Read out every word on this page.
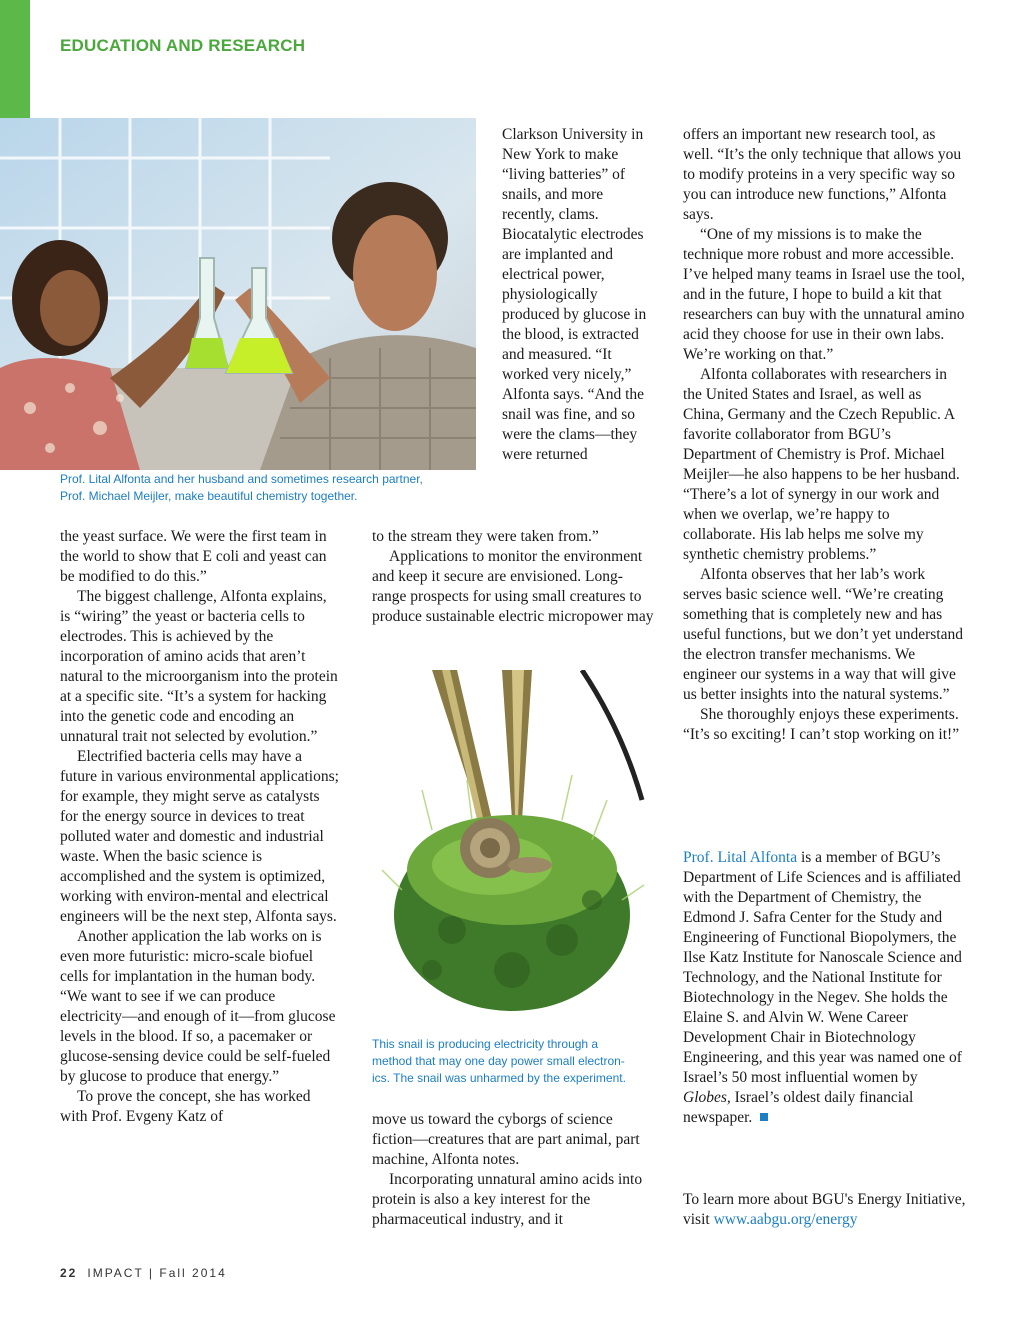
EDUCATION AND RESEARCH

Prof. Lital Alfonta and her husband and sometimes research partner,
Prof. Michael Meijler, make beautiful chemistry together.

the yeast surface. We were the first team in the world to show that E coli and yeast can be modified to do this.”

The biggest challenge, Alfonta explains, is “wiring” the yeast or bacteria cells to electrodes. This is achieved by the incorporation of amino acids that aren’t natural to the microorganism into the protein at a specific site. “It’s a system for hacking into the genetic code and encoding an unnatural trait not selected by evolution.”

Electrified bacteria cells may have a future in various environmental applications; for example, they might serve as catalysts for the energy source in devices to treat polluted water and domestic and industrial waste. When the basic science is accomplished and the system is optimized, working with environ-mental and electrical engineers will be the next step, Alfonta says.

Another application the lab works on is even more futuristic: micro-scale biofuel cells for implantation in the human body. “We want to see if we can produce electricity—and enough of it—from glucose levels in the blood. If so, a pacemaker or glucose-sensing device could be self-fueled by glucose to produce that energy.”

To prove the concept, she has worked with Prof. Evgeny Katz of

Clarkson University in New York to make “living batteries” of snails, and more recently, clams. Biocatalytic electrodes are implanted and electrical power, physiologically produced by glucose in the blood, is extracted and measured. “It worked very nicely,” Alfonta says. “And the snail was fine, and so were the clams—they were returned

to the stream they were taken from.”

Applications to monitor the environment and keep it secure are envisioned. Long-range prospects for using small creatures to produce sustainable electric micropower may

This snail is producing electricity through a
method that may one day power small electron-
ics. The snail was unharmed by the experiment.

move us toward the cyborgs of science fiction—creatures that are part animal, part machine, Alfonta notes.

Incorporating unnatural amino acids into protein is also a key interest for the pharmaceutical industry, and it

offers an important new research tool, as well. “It’s the only technique that allows you to modify proteins in a very specific way so you can introduce new functions,” Alfonta says.

“One of my missions is to make the technique more robust and more accessible. I’ve helped many teams in Israel use the tool, and in the future, I hope to build a kit that researchers can buy with the unnatural amino acid they choose for use in their own labs. We’re working on that.”

Alfonta collaborates with researchers in the United States and Israel, as well as China, Germany and the Czech Republic. A favorite collaborator from BGU’s Department of Chemistry is Prof. Michael Meijler—he also happens to be her husband. “There’s a lot of synergy in our work and when we overlap, we’re happy to collaborate. His lab helps me solve my synthetic chemistry problems.”

Alfonta observes that her lab’s work serves basic science well. “We’re creating something that is completely new and has useful functions, but we don’t yet understand the electron transfer mechanisms. We engineer our systems in a way that will give us better insights into the natural systems.”

She thoroughly enjoys these experiments. “It’s so exciting! I can’t stop working on it!”

Prof. Lital Alfonta is a member of BGU’s Department of Life Sciences and is affiliated with the Department of Chemistry, the Edmond J. Safra Center for the Study and Engineering of Functional Biopolymers, the Ilse Katz Institute for Nanoscale Science and Technology, and the National Institute for Biotechnology in the Negev. She holds the Elaine S. and Alvin W. Wene Career Development Chair in Biotechnology Engineering, and this year was named one of Israel’s 50 most influential women by Globes, Israel’s oldest daily financial newspaper.

To learn more about BGU's Energy Initiative, visit www.aabgu.org/energy

22 IMPACT | Fall 2014
